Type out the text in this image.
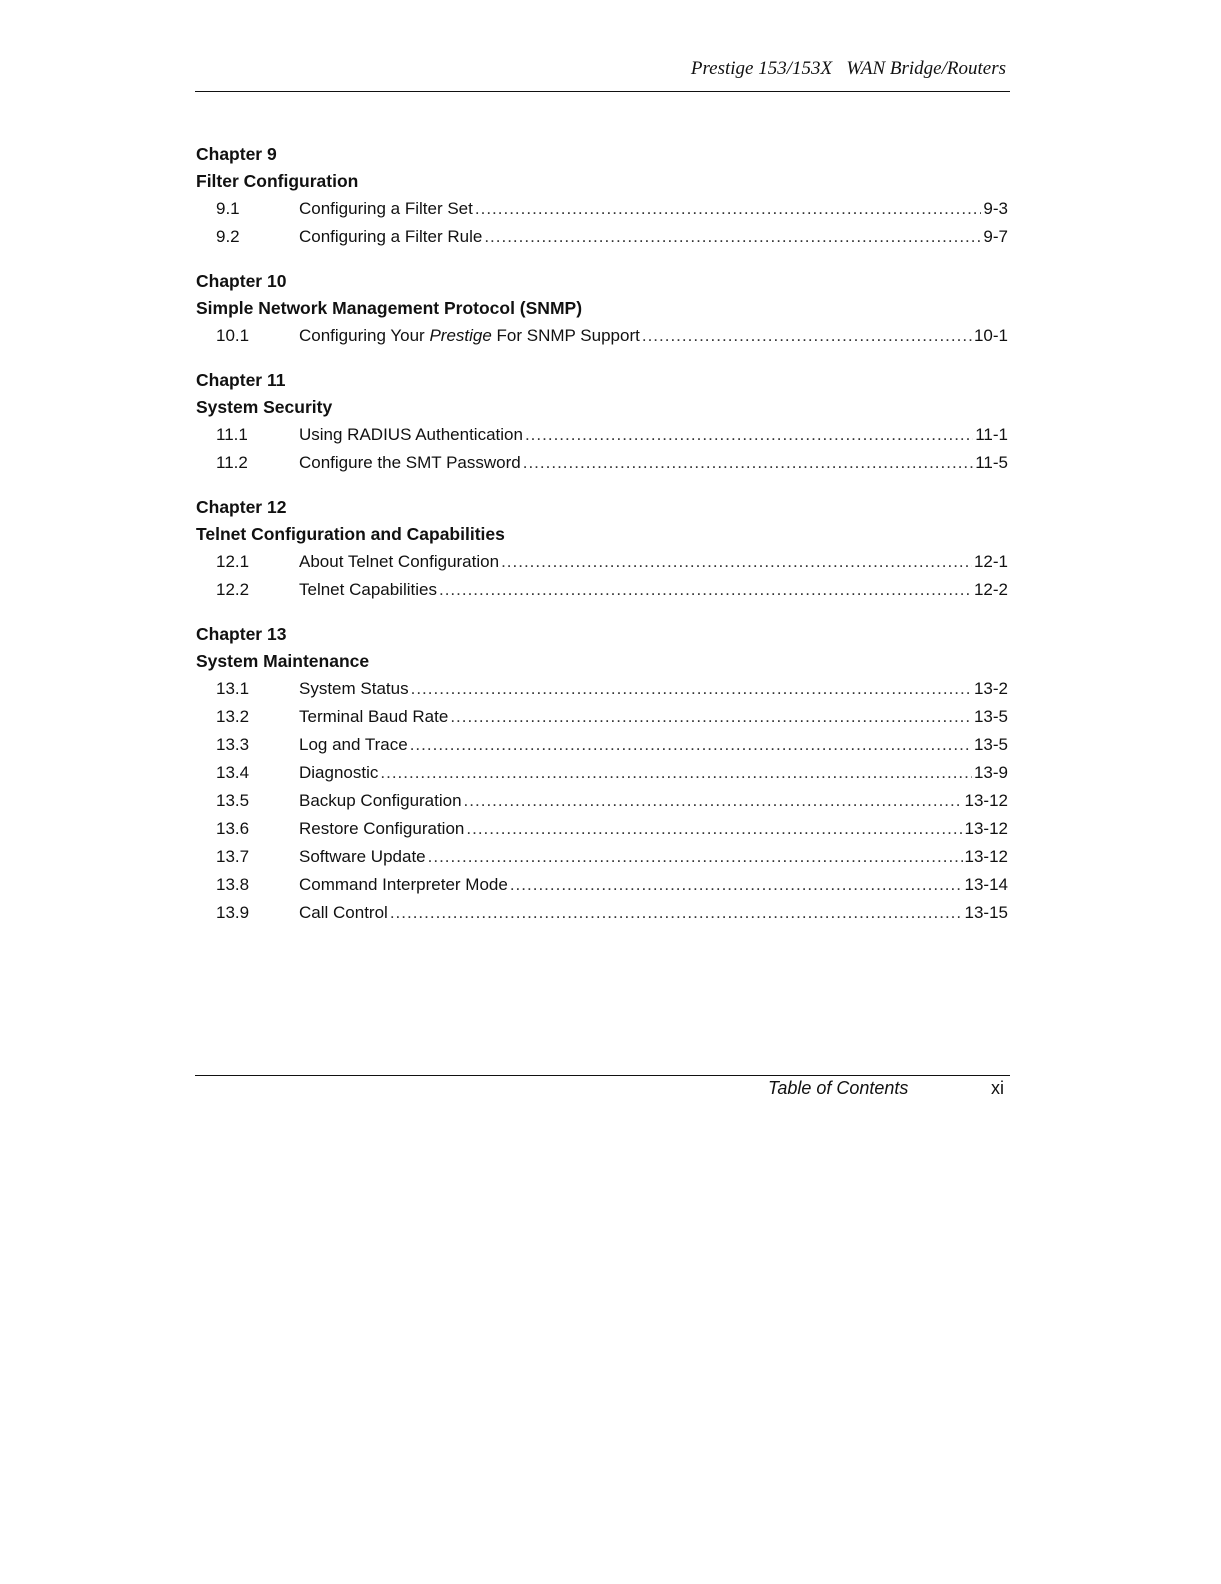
Prestige 153/153X   WAN Bridge/Routers
Chapter 9
Filter Configuration
9.1	Configuring a Filter Set .....	9-3
9.2	Configuring a Filter Rule .....	9-7
Chapter 10
Simple Network Management Protocol (SNMP)
10.1	Configuring Your Prestige For SNMP Support .....	10-1
Chapter 11
System Security
11.1	Using RADIUS Authentication .....	11-1
11.2	Configure the SMT Password .....	11-5
Chapter 12
Telnet Configuration and Capabilities
12.1	About Telnet Configuration .....	12-1
12.2	Telnet Capabilities .....	12-2
Chapter 13
System Maintenance
13.1	System Status .....	13-2
13.2	Terminal Baud Rate .....	13-5
13.3	Log and Trace .....	13-5
13.4	Diagnostic .....	13-9
13.5	Backup Configuration .....	13-12
13.6	Restore Configuration .....	13-12
13.7	Software Update .....	13-12
13.8	Command Interpreter Mode .....	13-14
13.9	Call Control .....	13-15
Table of Contents	xi
